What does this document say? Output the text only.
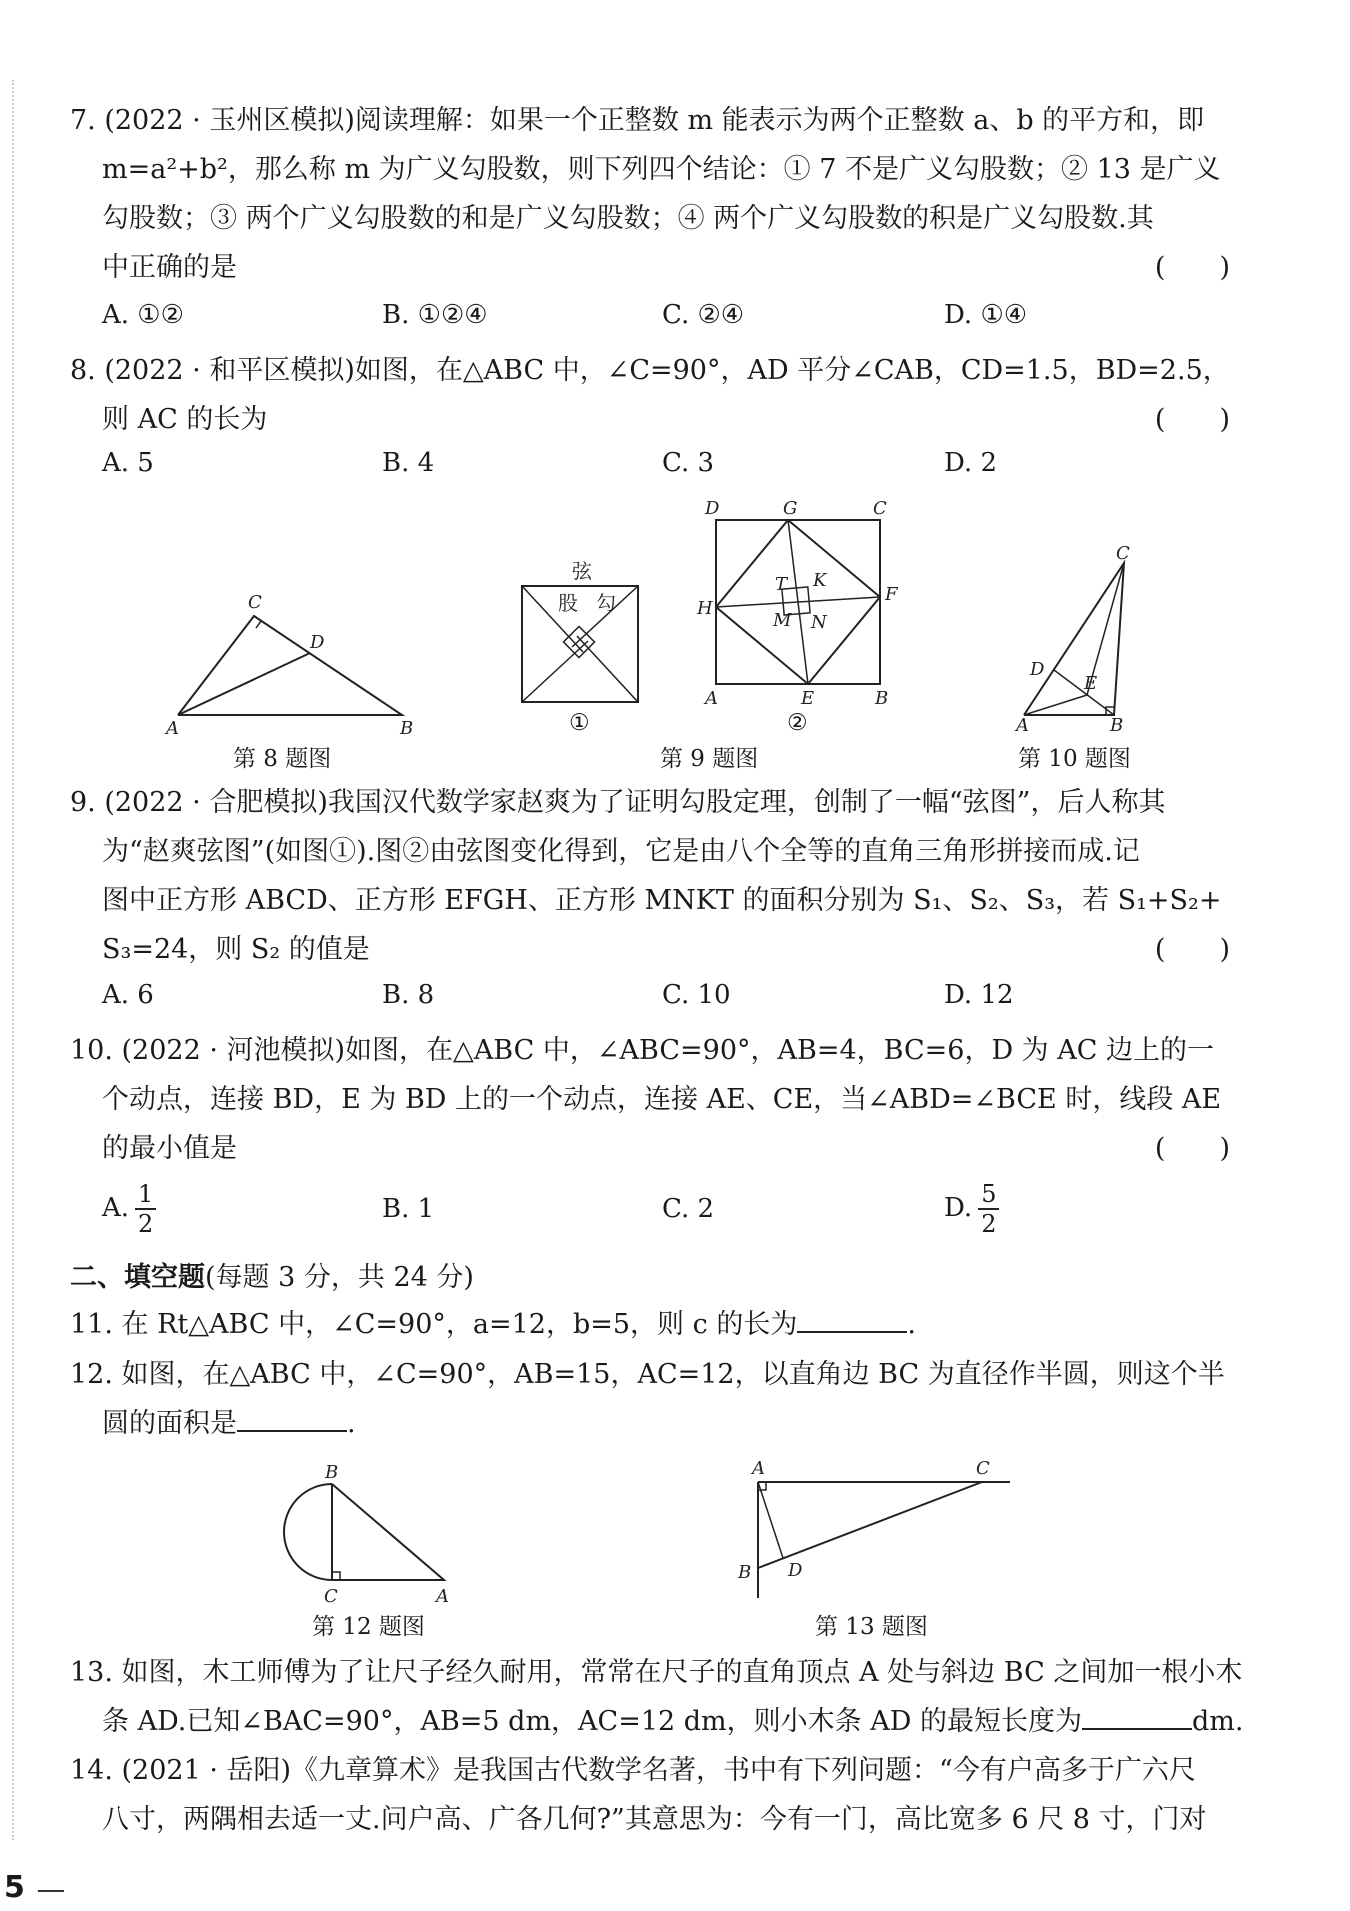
7. (2022 · 玉州区模拟)阅读理解：如果一个正整数 m 能表示为两个正整数 a、b 的平方和，即

m=a²+b²，那么称 m 为广义勾股数，则下列四个结论：① 7 不是广义勾股数；② 13 是广义

勾股数；③ 两个广义勾股数的和是广义勾股数；④ 两个广义勾股数的积是广义勾股数.其

中正确的是	(　　)

A. ①②	B. ①②④	C. ②④	D. ①④

8. (2022 · 和平区模拟)如图，在△ABC 中，∠C=90°，AD 平分∠CAB，CD=1.5，BD=2.5，

则 AC 的长为	(　　)

A. 5	B. 4	C. 3	D. 2
C
D
A	B
第 8 题图
弦
股 勾
①
D	G	C
T K
H
F
M N
A	E	B
②
第 9 题图
C
D
E
A	B
第 10 题图

9. (2022 · 合肥模拟)我国汉代数学家赵爽为了证明勾股定理，创制了一幅“弦图”，后人称其

为“赵爽弦图”(如图①).图②由弦图变化得到，它是由八个全等的直角三角形拼接而成.记

图中正方形 ABCD、正方形 EFGH、正方形 MNKT 的面积分别为 S₁、S₂、S₃，若 S₁+S₂+

S₃=24，则 S₂ 的值是	(　　)

A. 6	B. 8	C. 10	D. 12

10. (2022 · 河池模拟)如图，在△ABC 中，∠ABC=90°，AB=4，BC=6，D 为 AC 边上的一

个动点，连接 BD，E 为 BD 上的一个动点，连接 AE、CE，当∠ABD=∠BCE 时，线段 AE

的最小值是	(　　)

A. $\frac{1}{2}$	B. 1	C. 2	D. $\frac{5}{2}$
二、填空题(每题 3 分，共 24 分)

11. 在 Rt△ABC 中，∠C=90°，a=12，b=5，则 c 的长为	.

12. 如图，在△ABC 中，∠C=90°，AB=15，AC=12，以直角边 BC 为直径作半圆，则这个半

圆的面积是	.

B
C	A
第 12 题图
A	C
B D
第 13 题图

13. 如图，木工师傅为了让尺子经久耐用，常常在尺子的直角顶点 A 处与斜边 BC 之间加一根小木

条 AD.已知∠BAC=90°，AB=5 dm，AC=12 dm，则小木条 AD 的最短长度为	dm.

14. (2021 · 岳阳)《九章算术》是我国古代数学名著，书中有下列问题：“今有户高多于广六尺

八寸，两隅相去适一丈.问户高、广各几何?”其意思为：今有一门，高比宽多 6 尺 8 寸，门对

5
